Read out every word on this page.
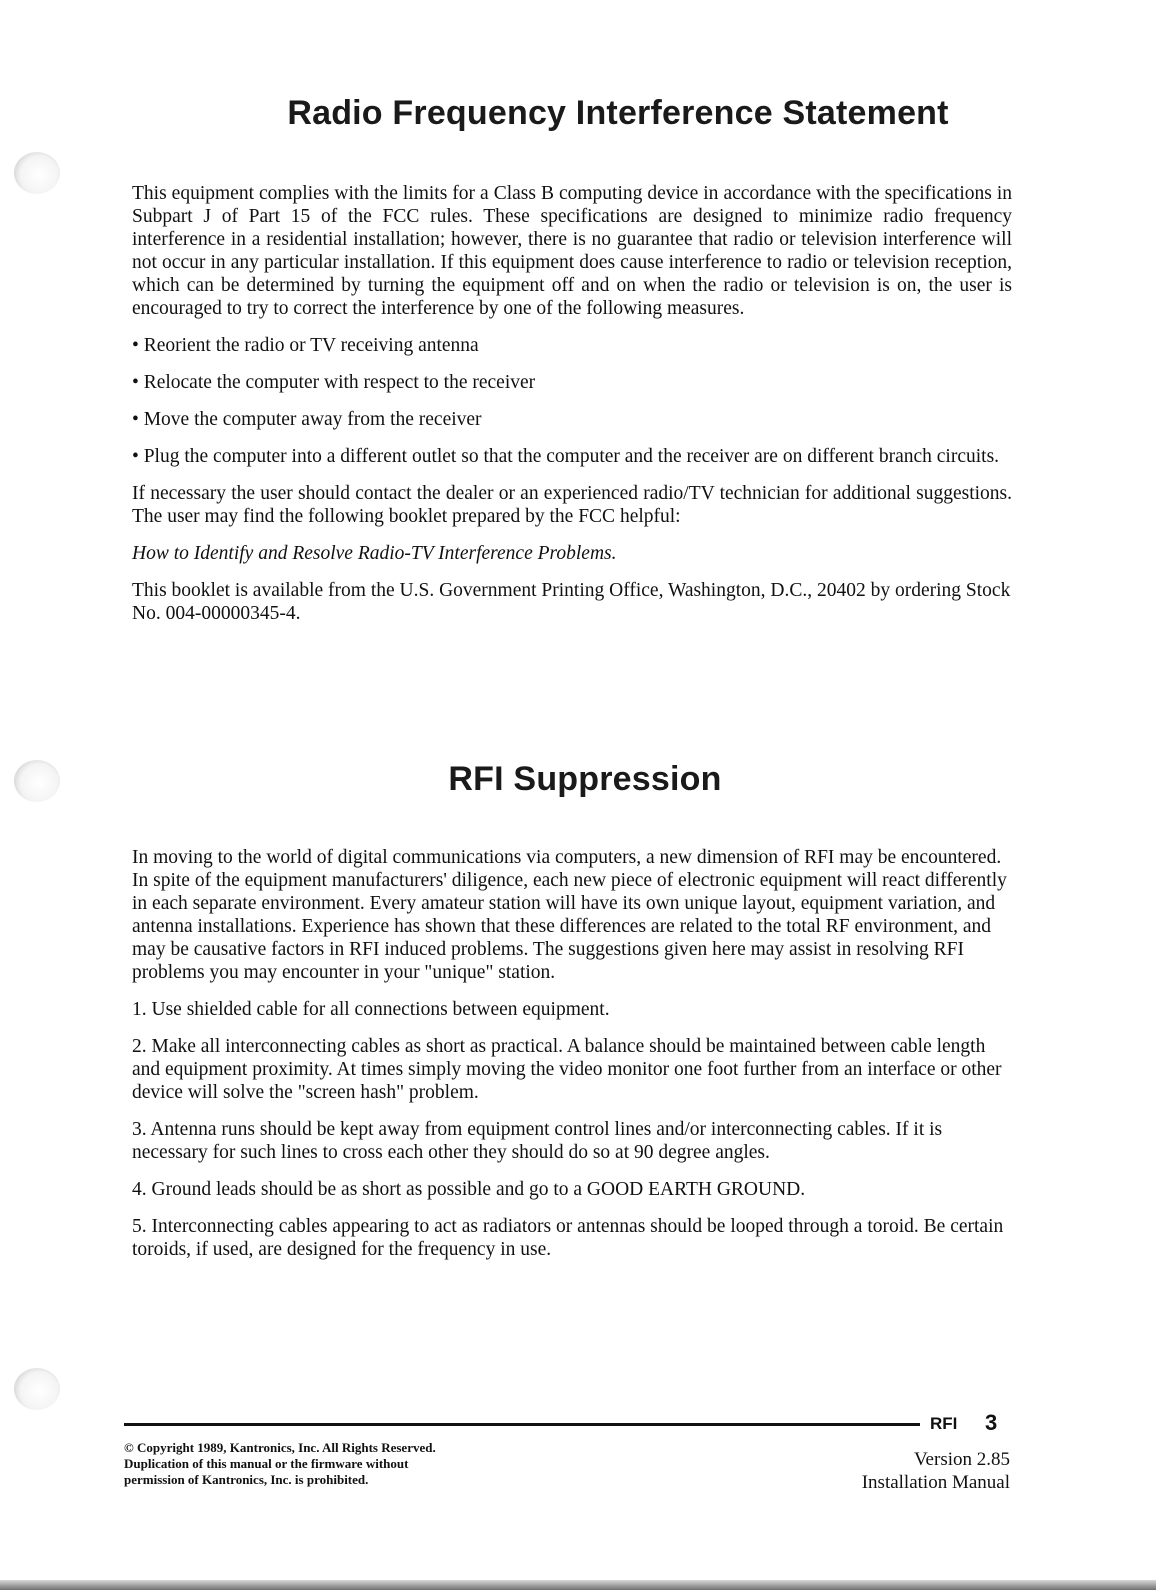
Radio Frequency Interference Statement

This equipment complies with the limits for a Class B computing device in accordance with the specifications in Subpart J of Part 15 of the FCC rules. These specifications are designed to minimize radio frequency interference in a residential installation; however, there is no guarantee that radio or television interference will not occur in any particular installation. If this equipment does cause interference to radio or television reception, which can be determined by turning the equipment off and on when the radio or television is on, the user is encouraged to try to correct the interference by one of the following measures.

• Reorient the radio or TV receiving antenna

• Relocate the computer with respect to the receiver

• Move the computer away from the receiver

• Plug the computer into a different outlet so that the computer and the receiver are on different branch circuits.

If necessary the user should contact the dealer or an experienced radio/TV technician for additional suggestions. The user may find the following booklet prepared by the FCC helpful:

How to Identify and Resolve Radio-TV Interference Problems.

This booklet is available from the U.S. Government Printing Office, Washington, D.C., 20402 by ordering Stock No. 004-00000345-4.

RFI Suppression

In moving to the world of digital communications via computers, a new dimension of RFI may be encountered. In spite of the equipment manufacturers' diligence, each new piece of electronic equipment will react differently in each separate environment. Every amateur station will have its own unique layout, equipment variation, and antenna installations. Experience has shown that these differences are related to the total RF environment, and may be causative factors in RFI induced problems. The suggestions given here may assist in resolving RFI problems you may encounter in your "unique" station.

1. Use shielded cable for all connections between equipment.

2. Make all interconnecting cables as short as practical. A balance should be maintained between cable length and equipment proximity. At times simply moving the video monitor one foot further from an interface or other device will solve the "screen hash" problem.

3. Antenna runs should be kept away from equipment control lines and/or interconnecting cables. If it is necessary for such lines to cross each other they should do so at 90 degree angles.

4. Ground leads should be as short as possible and go to a GOOD EARTH GROUND.

5. Interconnecting cables appearing to act as radiators or antennas should be looped through a toroid. Be certain toroids, if used, are designed for the frequency in use.

RFI 3

© Copyright 1989, Kantronics, Inc. All Rights Reserved.

Duplication of this manual or the firmware without

permission of Kantronics, Inc. is prohibited.

Version 2.85

Installation Manual
